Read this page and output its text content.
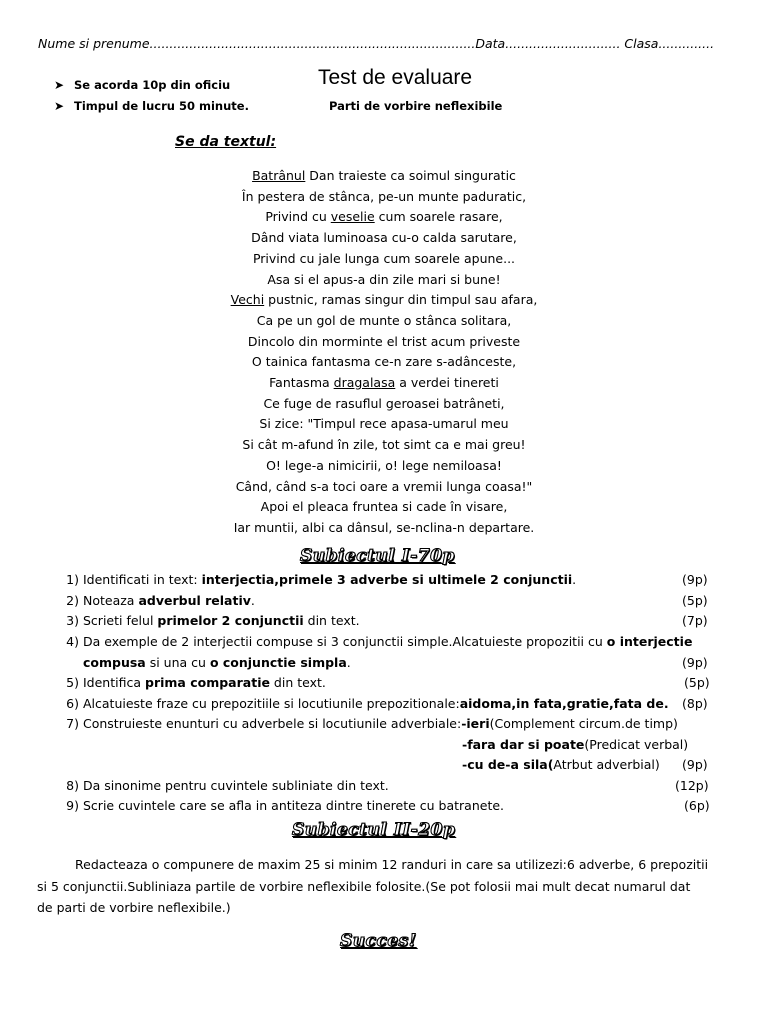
Nume si prenume..................................................................................Data............................. Clasa..............
➤ Se acorda 10p din oficiu
➤ Timpul de lucru 50 minute.
Test de evaluare
Parti de vorbire neflexibile
Se da textul:
Batrânul Dan traieste ca soimul singuratic
În pestera de stânca, pe-un munte paduratic,
Privind cu veselie cum soarele rasare,
Dând viata luminoasa cu-o calda sarutare,
Privind cu jale lunga cum soarele apune...
Asa si el apus-a din zile mari si bune!
Vechi pustnic, ramas singur din timpul sau afara,
Ca pe un gol de munte o stânca solitara,
Dincolo din morminte el trist acum priveste
O tainica fantasma ce-n zare s-adânceste,
Fantasma dragalasa a verdei tinereti
Ce fuge de rasuflul geroasei batrâneti,
Si zice: "Timpul rece apasa-umarul meu
Si cât m-afund în zile, tot simt ca e mai greu!
O! lege-a nimicirii, o! lege nemiloasa!
Când, când s-a toci oare a vremii lunga coasa!"
Apoi el pleaca fruntea si cade în visare,
Iar muntii, albi ca dânsul, se-nclina-n departare.
Subiectul I-70p
1) Identificati in text: interjectia,primele 3 adverbe si ultimele 2 conjunctii.	(9p)
2) Noteaza adverbul relativ.	(5p)
3) Scrieti felul primelor 2 conjunctii din text.	(7p)
4) Da exemple de 2 interjectii compuse si 3 conjunctii simple.Alcatuieste propozitii cu o interjectie
compusa si una cu o conjunctie simpla.	(9p)
5) Identifica prima comparatie din text.	(5p)
6) Alcatuieste fraze cu prepozitiile si locutiunile prepozitionale:aidoma,in fata,gratie,fata de. (8p)
7) Construieste enunturi cu adverbele si locutiunile adverbiale:-ieri(Complement circum.de timp)
-fara dar si poate(Predicat verbal)
-cu de-a sila(Atrbut adverbial) (9p)
8) Da sinonime pentru cuvintele subliniate din text.	(12p)
9) Scrie cuvintele care se afla in antiteza dintre tinerete cu batranete.	(6p)
Subiectul II-20p
Redacteaza o compunere de maxim 25 si minim 12 randuri in care sa utilizezi:6 adverbe, 6 prepozitii
si 5 conjunctii.Subliniaza partile de vorbire neflexibile folosite.(Se pot folosii mai mult decat numarul dat
de parti de vorbire neflexibile.)
Succes!
